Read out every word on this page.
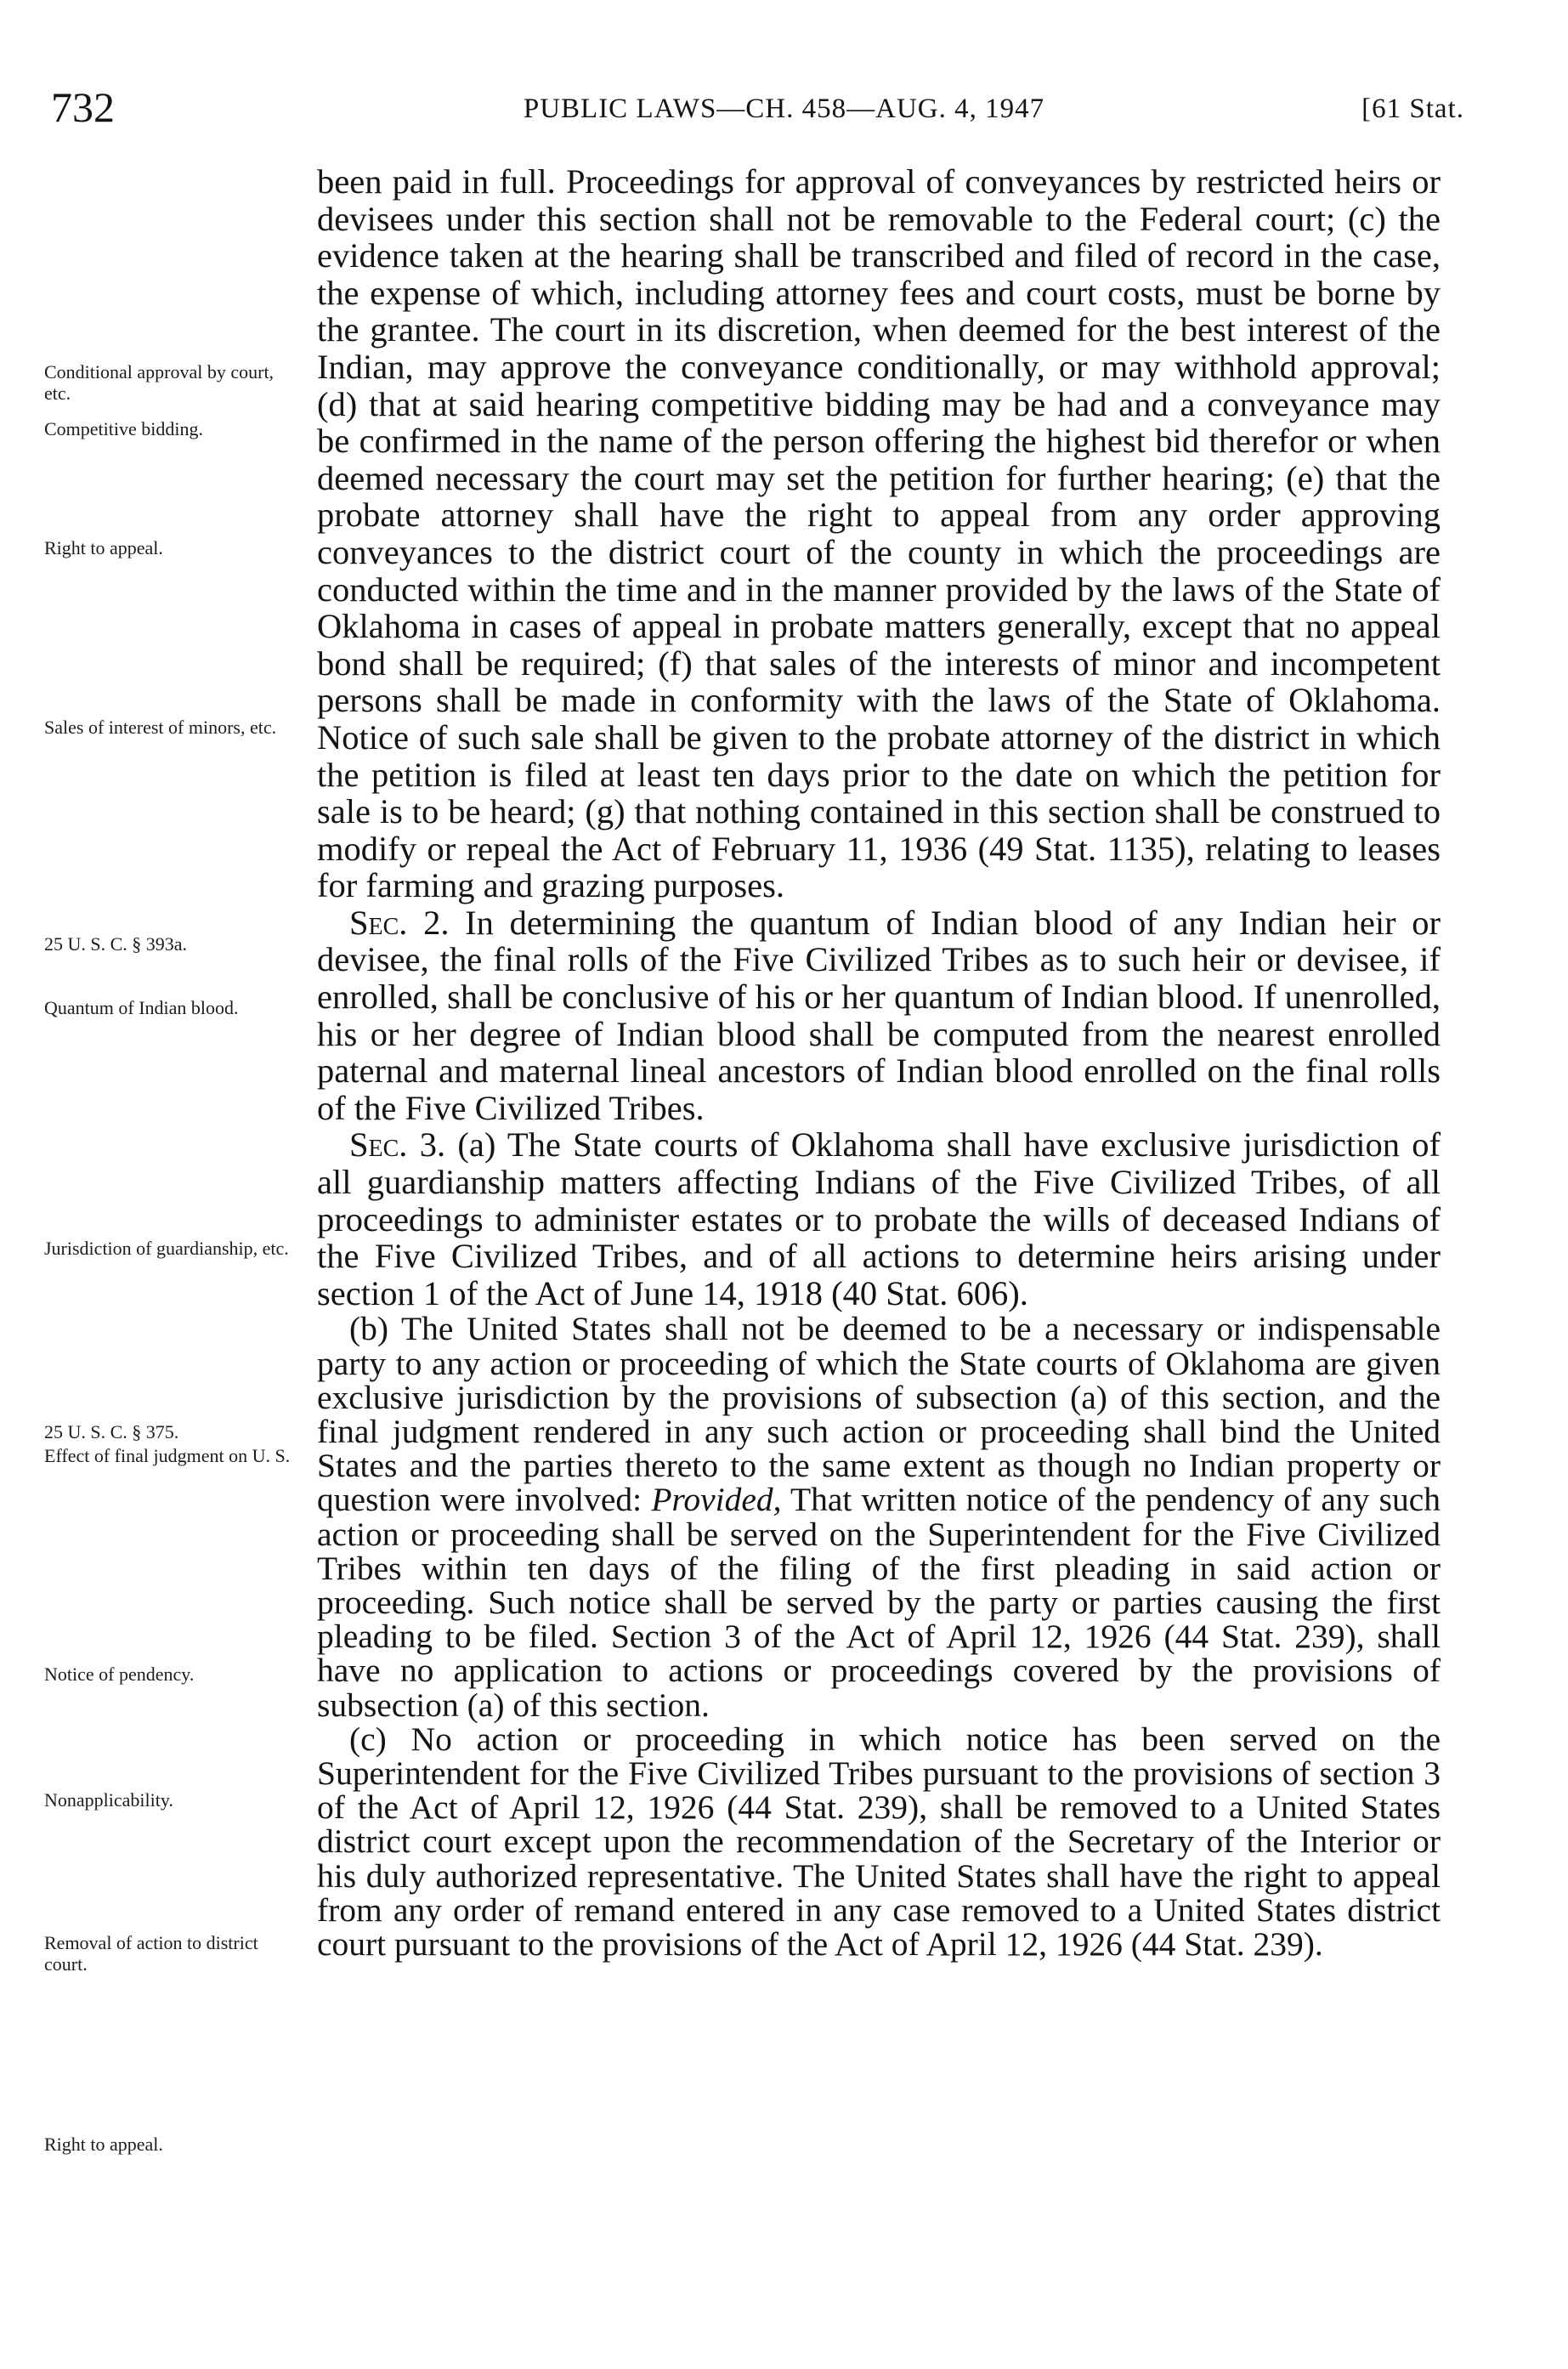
732	PUBLIC LAWS—CH. 458—AUG. 4, 1947	[61 Stat.
Conditional approval by court, etc.
Competitive bidding.
Right to appeal.
Sales of interest of minors, etc.
25 U. S. C. § 393a.
Quantum of Indian blood.
Jurisdiction of guardianship, etc.
25 U. S. C. § 375.
Effect of final judgment on U. S.
Notice of pendency.
Nonapplicability.
Removal of action to district court.
Right to appeal.

been paid in full. Proceedings for approval of conveyances by restricted heirs or devisees under this section shall not be removable to the Federal court; (c) the evidence taken at the hearing shall be transcribed and filed of record in the case, the expense of which, including attorney fees and court costs, must be borne by the grantee. The court in its discretion, when deemed for the best interest of the Indian, may approve the conveyance conditionally, or may withhold approval; (d) that at said hearing competitive bidding may be had and a conveyance may be confirmed in the name of the person offering the highest bid therefor or when deemed necessary the court may set the petition for further hearing; (e) that the probate attorney shall have the right to appeal from any order approving conveyances to the district court of the county in which the proceedings are conducted within the time and in the manner provided by the laws of the State of Oklahoma in cases of appeal in probate matters generally, except that no appeal bond shall be required; (f) that sales of the interests of minor and incompetent persons shall be made in conformity with the laws of the State of Oklahoma. Notice of such sale shall be given to the probate attorney of the district in which the petition is filed at least ten days prior to the date on which the petition for sale is to be heard; (g) that nothing contained in this section shall be construed to modify or repeal the Act of February 11, 1936 (49 Stat. 1135), relating to leases for farming and grazing purposes.

Sec. 2. In determining the quantum of Indian blood of any Indian heir or devisee, the final rolls of the Five Civilized Tribes as to such heir or devisee, if enrolled, shall be conclusive of his or her quantum of Indian blood. If unenrolled, his or her degree of Indian blood shall be computed from the nearest enrolled paternal and maternal lineal ancestors of Indian blood enrolled on the final rolls of the Five Civilized Tribes.

Sec. 3. (a) The State courts of Oklahoma shall have exclusive jurisdiction of all guardianship matters affecting Indians of the Five Civilized Tribes, of all proceedings to administer estates or to probate the wills of deceased Indians of the Five Civilized Tribes, and of all actions to determine heirs arising under section 1 of the Act of June 14, 1918 (40 Stat. 606).

(b) The United States shall not be deemed to be a necessary or indispensable party to any action or proceeding of which the State courts of Oklahoma are given exclusive jurisdiction by the provisions of subsection (a) of this section, and the final judgment rendered in any such action or proceeding shall bind the United States and the parties thereto to the same extent as though no Indian property or question were involved: Provided, That written notice of the pendency of any such action or proceeding shall be served on the Superintendent for the Five Civilized Tribes within ten days of the filing of the first pleading in said action or proceeding. Such notice shall be served by the party or parties causing the first pleading to be filed. Section 3 of the Act of April 12, 1926 (44 Stat. 239), shall have no application to actions or proceedings covered by the provisions of subsection (a) of this section.

(c) No action or proceeding in which notice has been served on the Superintendent for the Five Civilized Tribes pursuant to the provisions of section 3 of the Act of April 12, 1926 (44 Stat. 239), shall be removed to a United States district court except upon the recommendation of the Secretary of the Interior or his duly authorized representative. The United States shall have the right to appeal from any order of remand entered in any case removed to a United States district court pursuant to the provisions of the Act of April 12, 1926 (44 Stat. 239).
